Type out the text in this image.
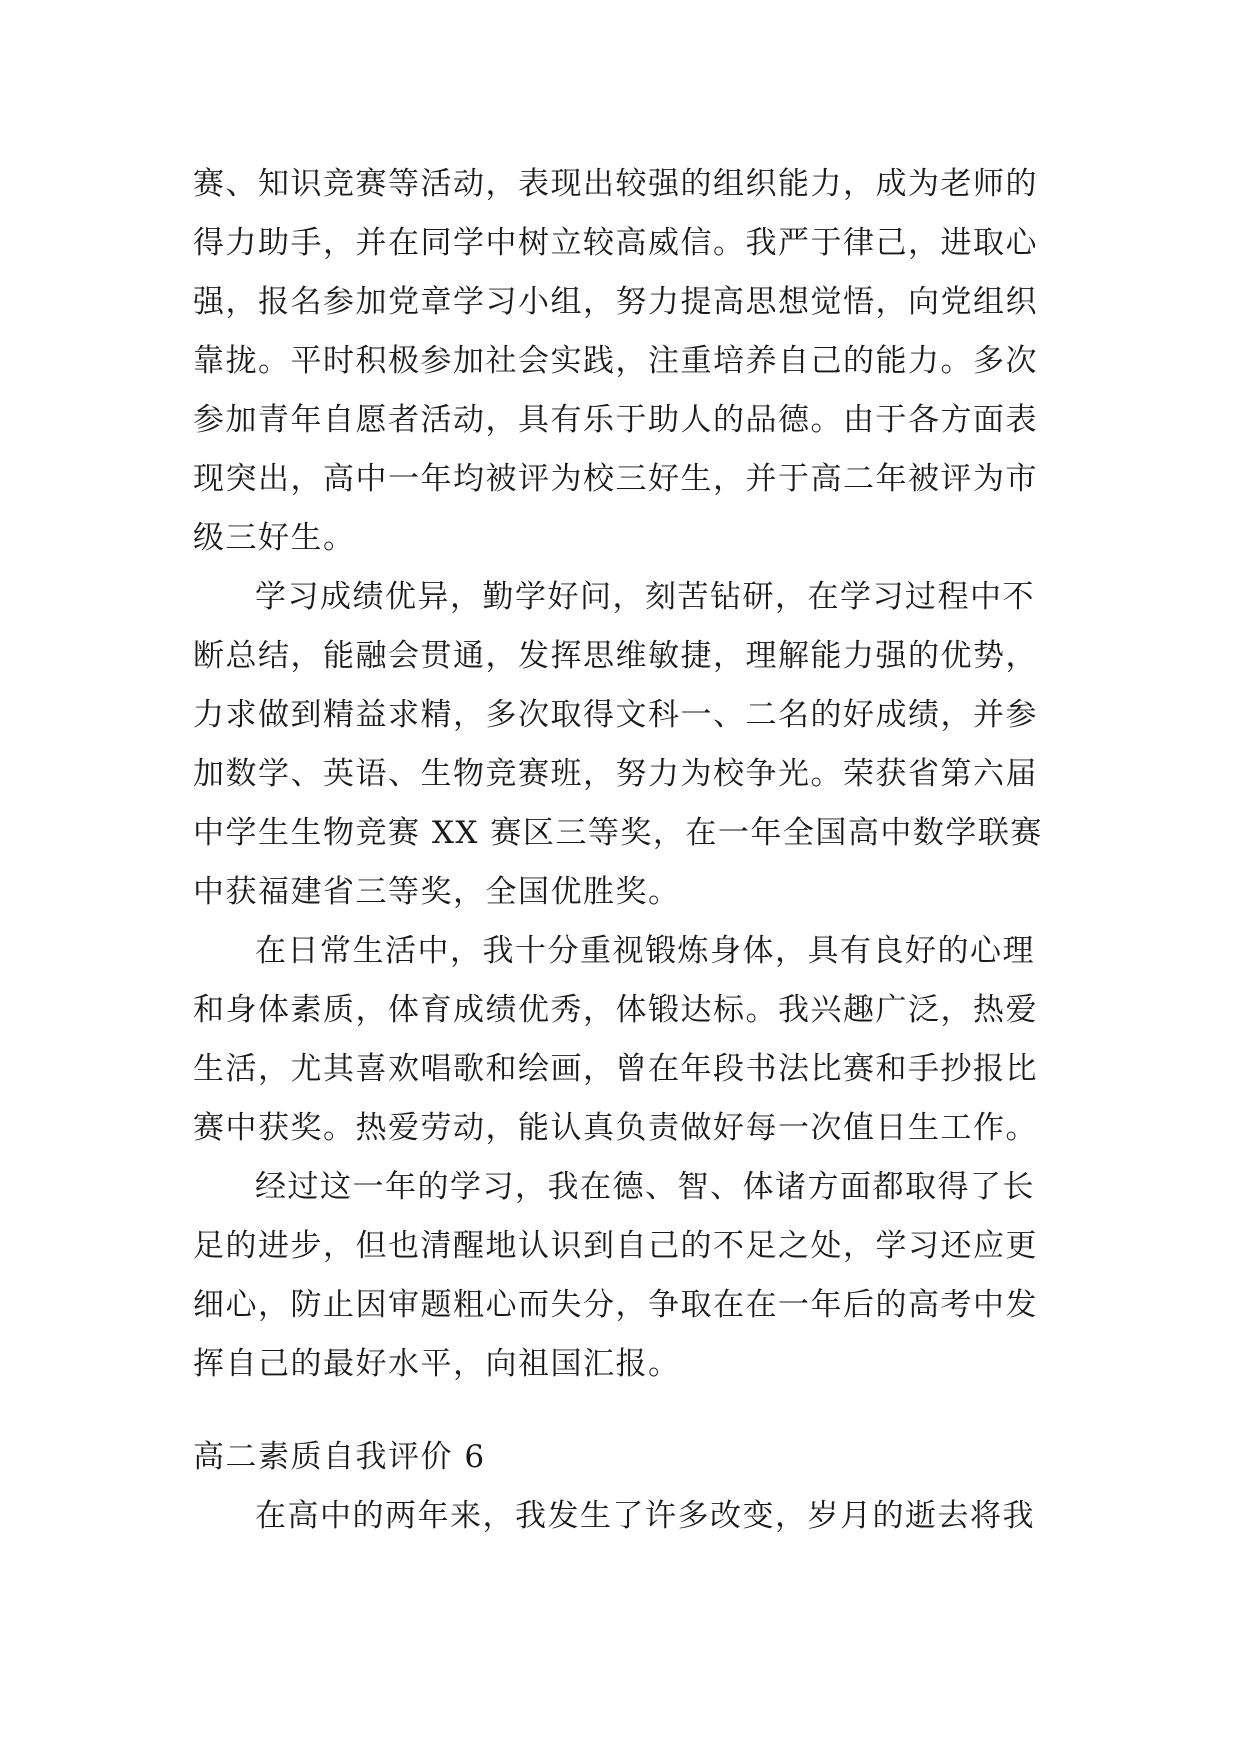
赛、知识竞赛等活动，表现出较强的组织能力，成为老师的
得力助手，并在同学中树立较高威信。我严于律己，进取心
强，报名参加党章学习小组，努力提高思想觉悟，向党组织
靠拢。平时积极参加社会实践，注重培养自己的能力。多次
参加青年自愿者活动，具有乐于助人的品德。由于各方面表
现突出，高中一年均被评为校三好生，并于高二年被评为市
级三好生。
学习成绩优异，勤学好问，刻苦钻研，在学习过程中不
断总结，能融会贯通，发挥思维敏捷，理解能力强的优势，
力求做到精益求精，多次取得文科一、二名的好成绩，并参
加数学、英语、生物竞赛班，努力为校争光。荣获省第六届
中学生生物竞赛 XX 赛区三等奖，在一年全国高中数学联赛
中获福建省三等奖，全国优胜奖。
在日常生活中，我十分重视锻炼身体，具有良好的心理
和身体素质，体育成绩优秀，体锻达标。我兴趣广泛，热爱
生活，尤其喜欢唱歌和绘画，曾在年段书法比赛和手抄报比
赛中获奖。热爱劳动，能认真负责做好每一次值日生工作。
经过这一年的学习，我在德、智、体诸方面都取得了长
足的进步，但也清醒地认识到自己的不足之处，学习还应更
细心，防止因审题粗心而失分，争取在在一年后的高考中发
挥自己的最好水平，向祖国汇报。
高二素质自我评价 6
在高中的两年来，我发生了许多改变，岁月的逝去将我
